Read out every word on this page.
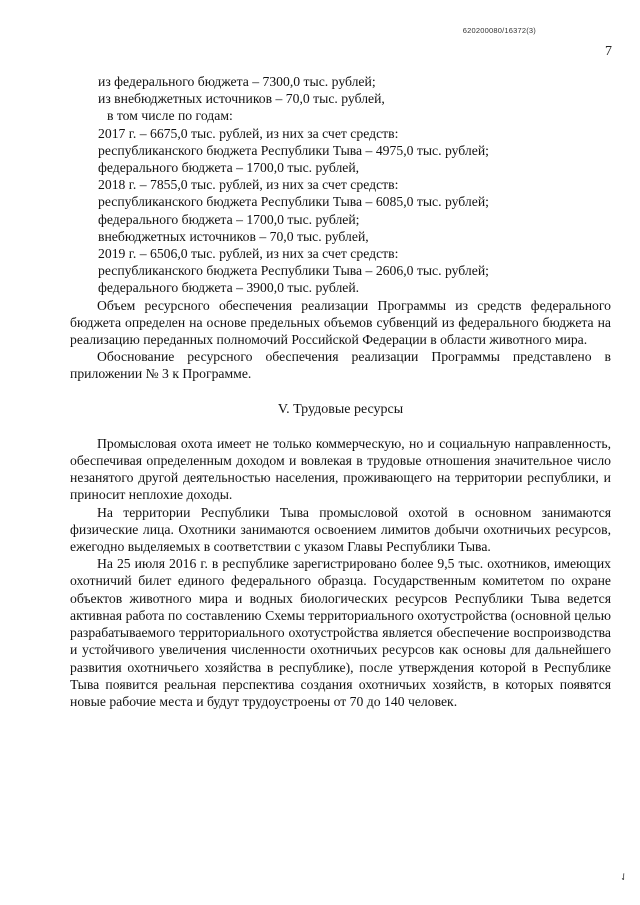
620200080/16372(3)
7
из федерального бюджета – 7300,0 тыс. рублей;
из внебюджетных источников – 70,0 тыс. рублей,
в том числе по годам:
2017 г. – 6675,0 тыс. рублей, из них за счет средств:
республиканского бюджета Республики Тыва – 4975,0 тыс. рублей;
федерального бюджета – 1700,0 тыс. рублей,
2018 г. – 7855,0 тыс. рублей, из них за счет средств:
республиканского бюджета Республики Тыва – 6085,0 тыс. рублей;
федерального бюджета – 1700,0 тыс. рублей;
внебюджетных источников – 70,0 тыс. рублей,
2019 г. – 6506,0 тыс. рублей, из них за счет средств:
республиканского бюджета Республики Тыва – 2606,0 тыс. рублей;
федерального бюджета – 3900,0 тыс. рублей.

Объем ресурсного обеспечения реализации Программы из средств федерального бюджета определен на основе предельных объемов субвенций из федерального бюджета на реализацию переданных полномочий Российской Федерации в области животного мира.

Обоснование ресурсного обеспечения реализации Программы представлено в приложении № 3 к Программе.

V. Трудовые ресурсы

Промысловая охота имеет не только коммерческую, но и социальную направленность, обеспечивая определенным доходом и вовлекая в трудовые отношения значительное число незанятого другой деятельностью населения, проживающего на территории республики, и приносит неплохие доходы.

На территории Республики Тыва промысловой охотой в основном занимаются физические лица. Охотники занимаются освоением лимитов добычи охотничьих ресурсов, ежегодно выделяемых в соответствии с указом Главы Республики Тыва.

На 25 июля 2016 г. в республике зарегистрировано более 9,5 тыс. охотников, имеющих охотничий билет единого федерального образца. Государственным комитетом по охране объектов животного мира и водных биологических ресурсов Республики Тыва ведется активная работа по составлению Схемы территориального охотустройства (основной целью разрабатываемого территориального охотустройства является обеспечение воспроизводства и устойчивого увеличения численности охотничьих ресурсов как основы для дальнейшего развития охотничьего хозяйства в республике), после утверждения которой в Республике Тыва появится реальная перспектива создания охотничьих хозяйств, в которых появятся новые рабочие места и будут трудоустроены от 70 до 140 человек.

✓
